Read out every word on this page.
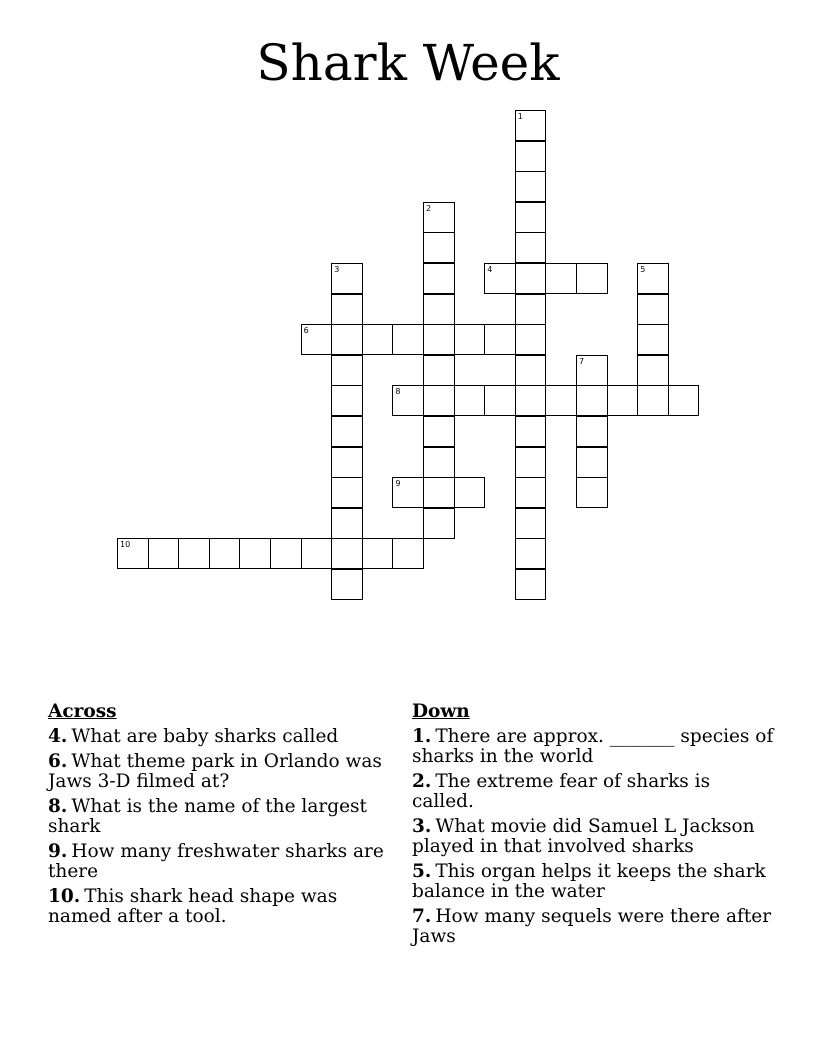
Shark Week
10
6
3
2
1
4	5
7
8
9
Across
4. What are baby sharks called
6. What theme park in Orlando was Jaws 3-D filmed at?
8. What is the name of the largest shark
9. How many freshwater sharks are there
10. This shark head shape was named after a tool.
Down
1. There are approx. _______ species of sharks in the world
2. The extreme fear of sharks is called.
3. What movie did Samuel L Jackson played in that involved sharks
5. This organ helps it keeps the shark balance in the water
7. How many sequels were there after Jaws
